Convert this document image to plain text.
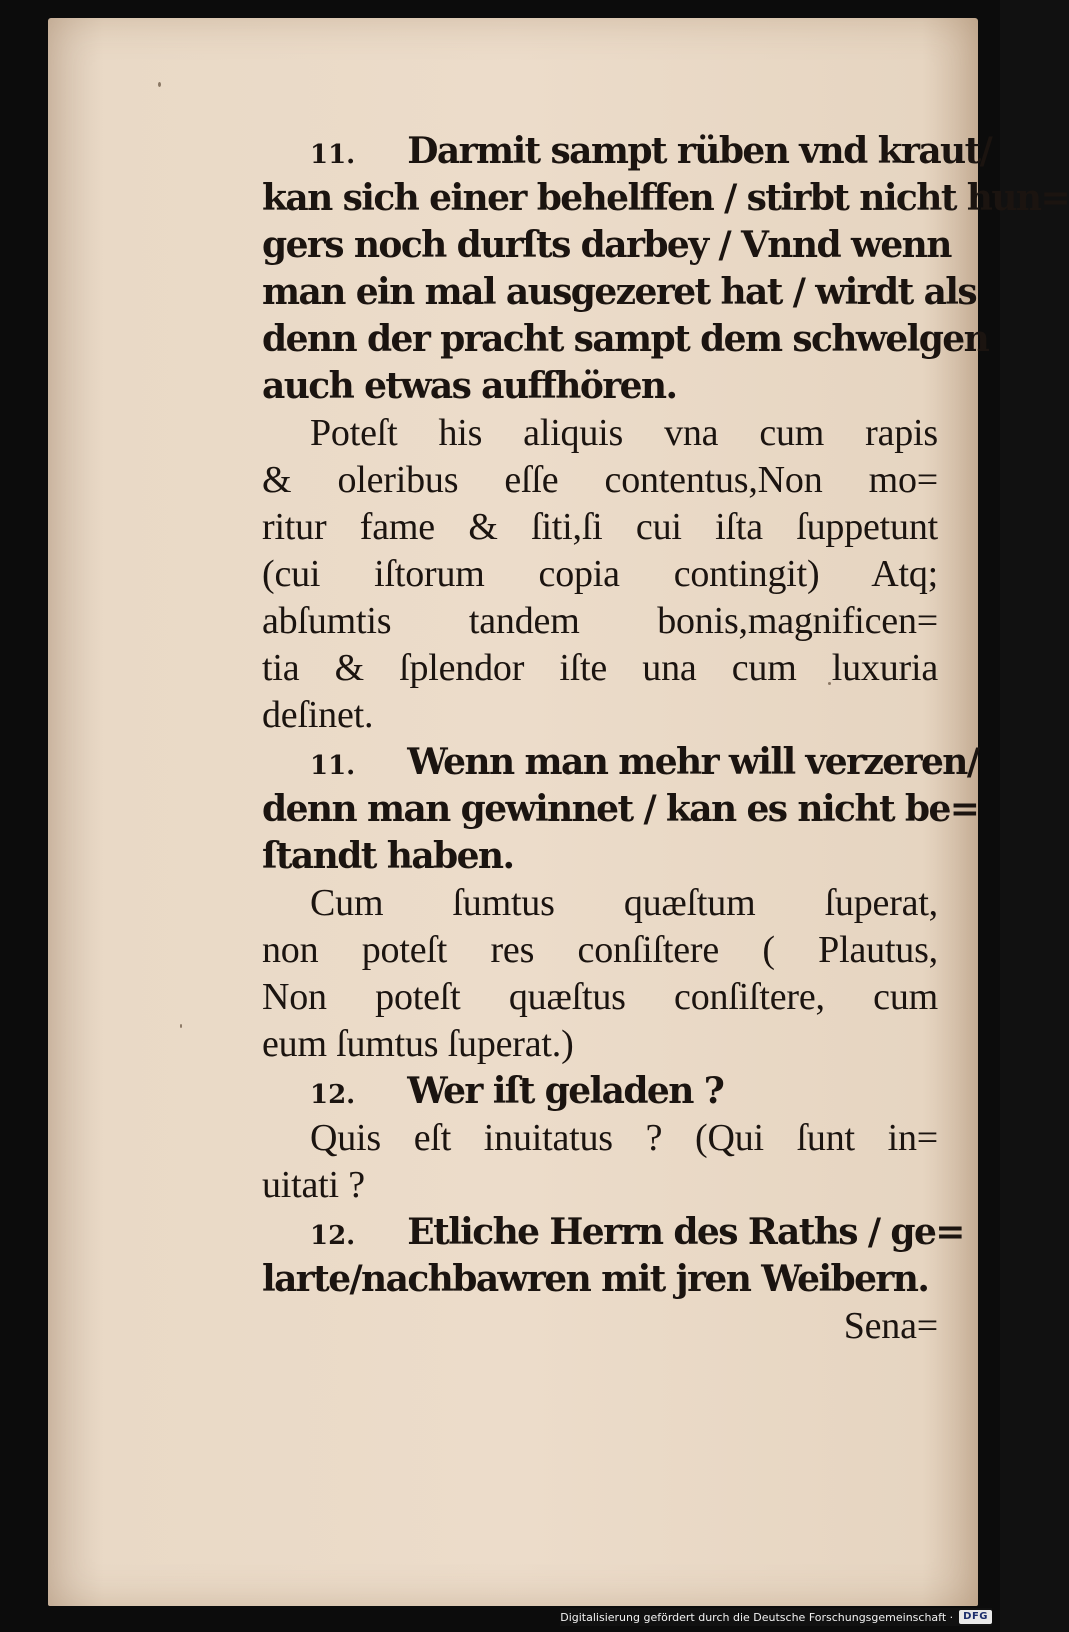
11. Darmit sampt rüben vnd kraut/
kan sich einer behelffen / stirbt nicht hun=
gers noch durſts darbey / Vnnd wenn
man ein mal ausgezeret hat / wirdt als
denn der pracht sampt dem schwelgen
auch etwas auffhören.
Poteſt his aliquis vna cum rapis
& oleribus eſſe contentus,Non mo=
ritur fame & ſiti,ſi cui iſta ſuppetunt
(cui iſtorum copia contingit) Atq;
abſumtis tandem bonis,magnificen=
tia & ſplendor iſte una cum luxuria
deſinet.
11. Wenn man mehr will verzeren/
denn man gewinnet / kan es nicht be=
ſtandt haben.
Cum ſumtus quæſtum ſuperat,
non poteſt res conſiſtere ( Plautus,
Non poteſt quæſtus conſiſtere, cum
eum ſumtus ſuperat.)
12. Wer iſt geladen ?
Quis eſt inuitatus ? (Qui ſunt in=
uitati ?
12. Etliche Herrn des Raths / ge=
larte/nachbawren mit jren Weibern.
Sena=
Digitalisierung gefördert durch die Deutsche Forschungsgemeinschaft ·	DFG
